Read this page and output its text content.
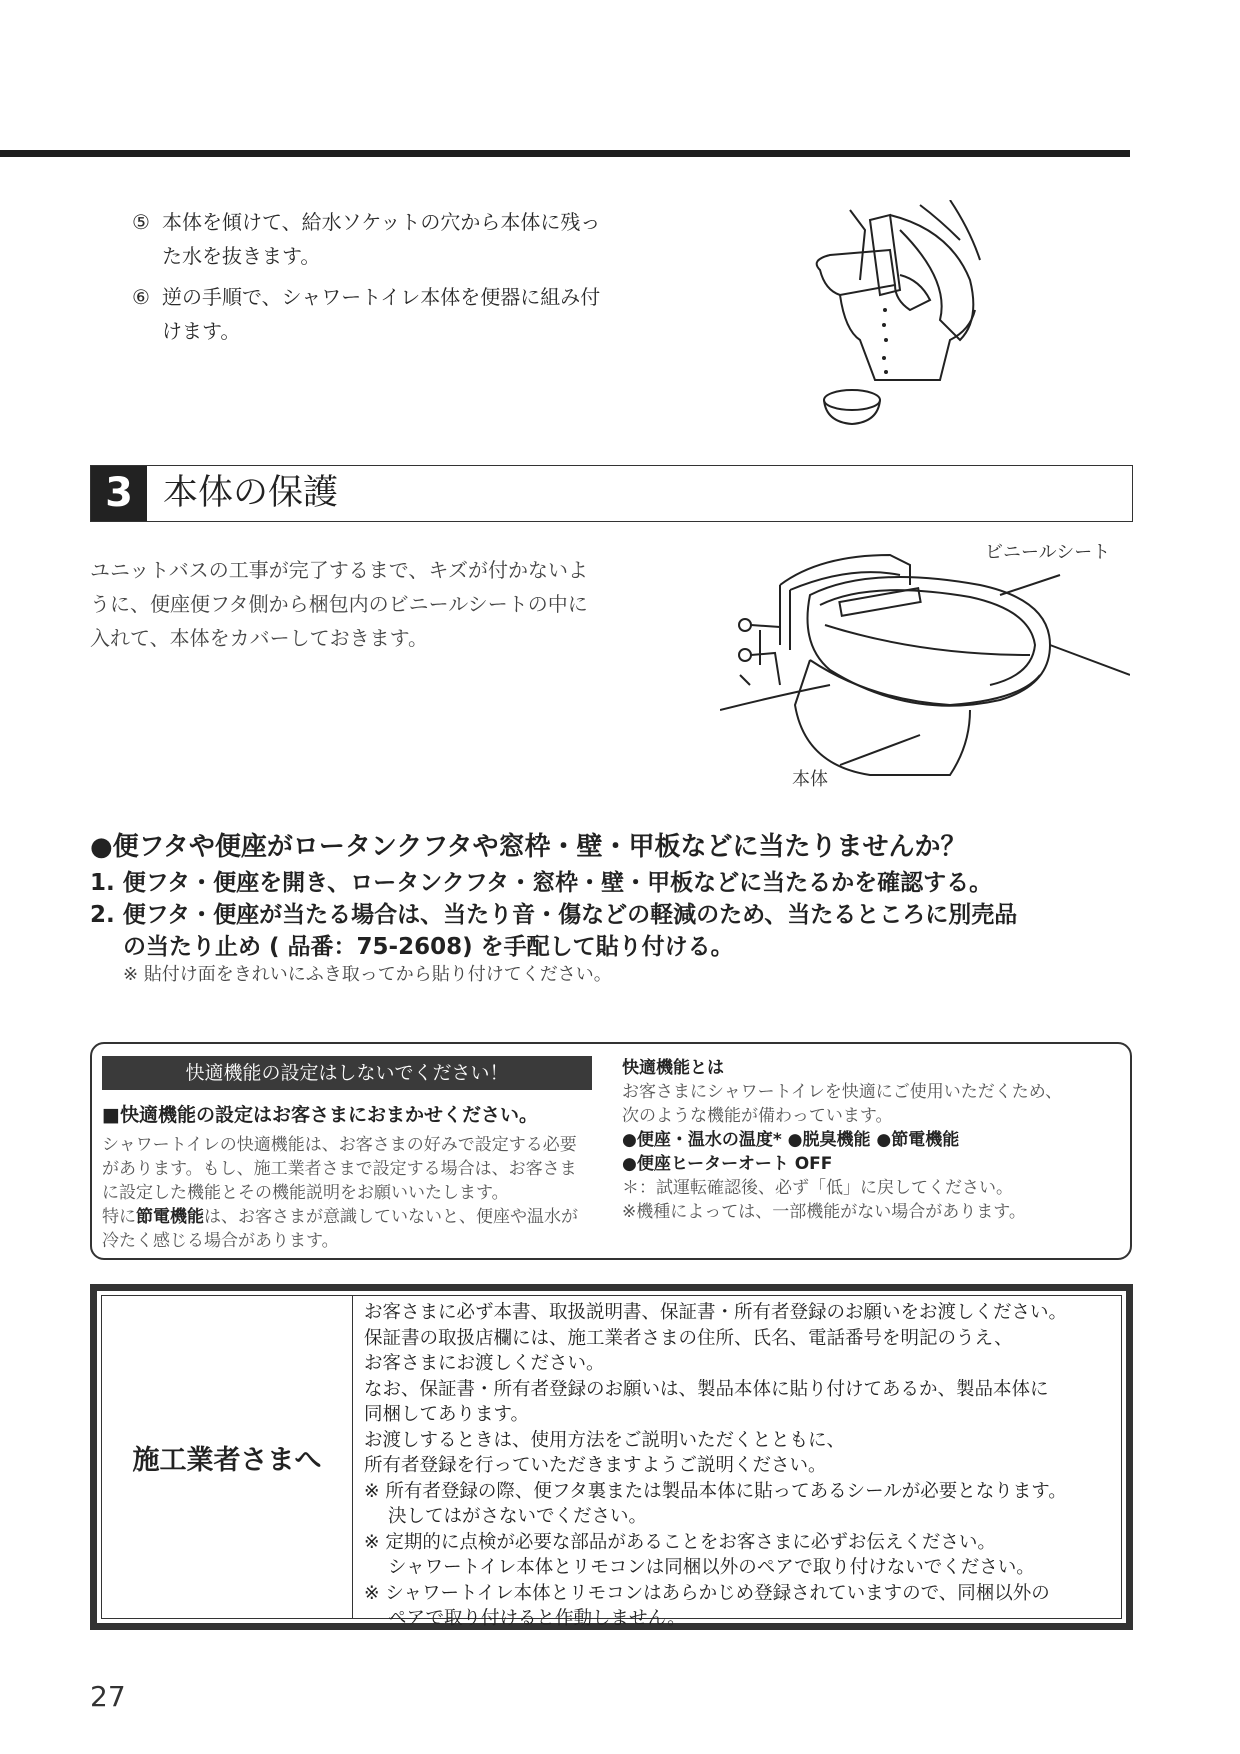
⑤ 本体を傾けて、給水ソケットの穴から本体に残っ
た水を抜きます。
⑥ 逆の手順で、シャワートイレ本体を便器に組み付
けます。
3 本体の保護
ユニットバスの工事が完了するまで、キズが付かないよ
うに、便座便フタ側から梱包内のビニールシートの中に
入れて、本体をカバーしておきます。
ビニールシート
本体
●便フタや便座がロータンクフタや窓枠・壁・甲板などに当たりませんか？
1. 便フタ・便座を開き、ロータンクフタ・窓枠・壁・甲板などに当たるかを確認する。
2. 便フタ・便座が当たる場合は、当たり音・傷などの軽減のため、当たるところに別売品
の当たり止め ( 品番：75-2608) を手配して貼り付ける。
※ 貼付け面をきれいにふき取ってから貼り付けてください。
快適機能の設定はしないでください！
■快適機能の設定はお客さまにおまかせください。
シャワートイレの快適機能は、お客さまの好みで設定する必要があります。もし、施工業者さまで設定する場合は、お客さまに設定した機能とその機能説明をお願いいたします。
特に節電機能は、お客さまが意識していないと、便座や温水が冷たく感じる場合があります。
快適機能とは
お客さまにシャワートイレを快適にご使用いただくため、
次のような機能が備わっています。
●便座・温水の温度* ●脱臭機能 ●節電機能
●便座ヒーターオート OFF
＊：試運転確認後、必ず「低」に戻してください。
※機種によっては、一部機能がない場合があります。
施工業者さまへ
お客さまに必ず本書、取扱説明書、保証書・所有者登録のお願いをお渡しください。
保証書の取扱店欄には、施工業者さまの住所、氏名、電話番号を明記のうえ、
お客さまにお渡しください。
なお、保証書・所有者登録のお願いは、製品本体に貼り付けてあるか、製品本体に
同梱してあります。
お渡しするときは、使用方法をご説明いただくとともに、
所有者登録を行っていただきますようご説明ください。
※ 所有者登録の際、便フタ裏または製品本体に貼ってあるシールが必要となります。
決してはがさないでください。
※ 定期的に点検が必要な部品があることをお客さまに必ずお伝えください。
シャワートイレ本体とリモコンは同梱以外のペアで取り付けないでください。
※ シャワートイレ本体とリモコンはあらかじめ登録されていますので、同梱以外の
ペアで取り付けると作動しません。
27
